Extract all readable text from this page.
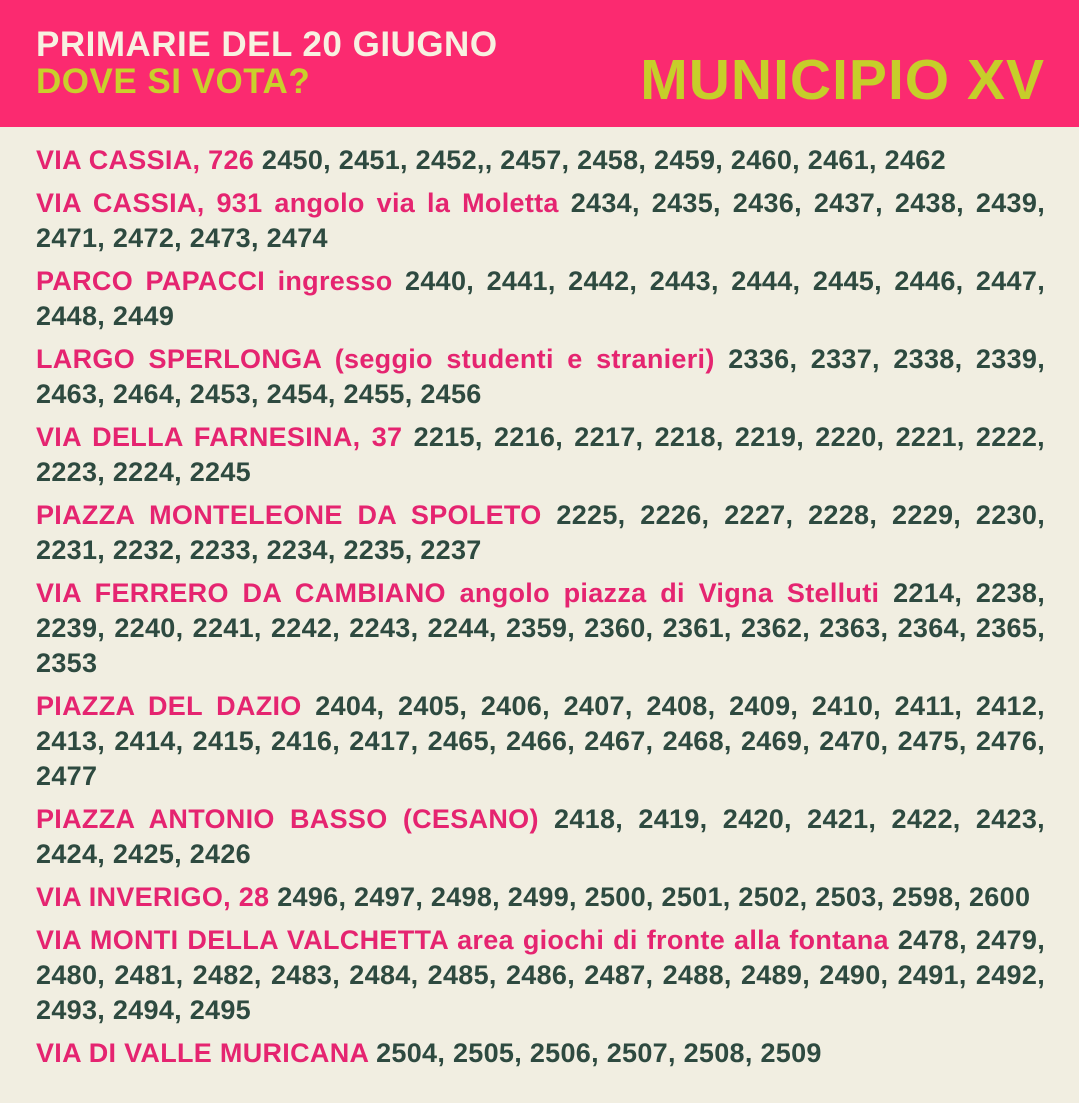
PRIMARIE DEL 20 GIUGNO
DOVE SI VOTA?	MUNICIPIO XV

VIA CASSIA, 726 2450, 2451, 2452,, 2457, 2458, 2459, 2460, 2461, 2462

VIA CASSIA, 931 angolo via la Moletta 2434, 2435, 2436, 2437, 2438, 2439, 2471, 2472, 2473, 2474

PARCO PAPACCI ingresso 2440, 2441, 2442, 2443, 2444, 2445, 2446, 2447, 2448, 2449

LARGO SPERLONGA (seggio studenti e stranieri) 2336, 2337, 2338, 2339, 2463, 2464, 2453, 2454, 2455, 2456

VIA DELLA FARNESINA, 37 2215, 2216, 2217, 2218, 2219, 2220, 2221, 2222, 2223, 2224, 2245

PIAZZA MONTELEONE DA SPOLETO 2225, 2226, 2227, 2228, 2229, 2230, 2231, 2232, 2233, 2234, 2235, 2237

VIA FERRERO DA CAMBIANO angolo piazza di Vigna Stelluti 2214, 2238, 2239, 2240, 2241, 2242, 2243, 2244, 2359, 2360, 2361, 2362, 2363, 2364, 2365, 2353

PIAZZA DEL DAZIO 2404, 2405, 2406, 2407, 2408, 2409, 2410, 2411, 2412, 2413, 2414, 2415, 2416, 2417, 2465, 2466, 2467, 2468, 2469, 2470, 2475, 2476, 2477

PIAZZA ANTONIO BASSO (CESANO) 2418, 2419, 2420, 2421, 2422, 2423, 2424, 2425, 2426

VIA INVERIGO, 28 2496, 2497, 2498, 2499, 2500, 2501, 2502, 2503, 2598, 2600

VIA MONTI DELLA VALCHETTA area giochi di fronte alla fontana 2478, 2479, 2480, 2481, 2482, 2483, 2484, 2485, 2486, 2487, 2488, 2489, 2490, 2491, 2492, 2493, 2494, 2495

VIA DI VALLE MURICANA 2504, 2505, 2506, 2507, 2508, 2509
